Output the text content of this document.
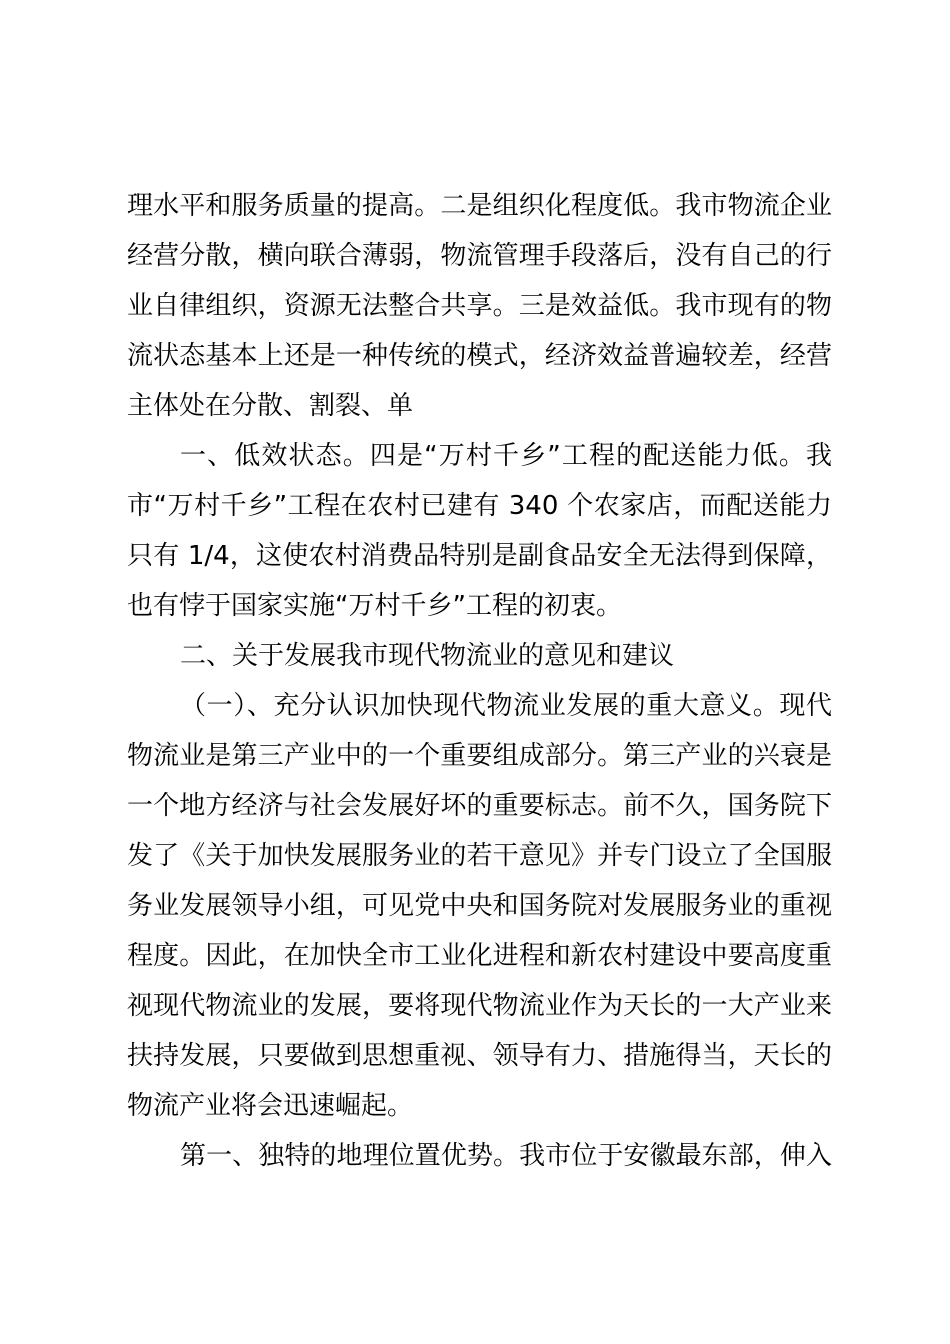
理水平和服务质量的提高。二是组织化程度低。我市物流企业
经营分散，横向联合薄弱，物流管理手段落后，没有自己的行
业自律组织，资源无法整合共享。三是效益低。我市现有的物
流状态基本上还是一种传统的模式，经济效益普遍较差，经营
主体处在分散、割裂、单
一、低效状态。四是“万村千乡”工程的配送能力低。我
市“万村千乡”工程在农村已建有 340 个农家店，而配送能力
只有 1/4，这使农村消费品特别是副食品安全无法得到保障，
也有悖于国家实施“万村千乡”工程的初衷。
二、关于发展我市现代物流业的意见和建议
（一）、充分认识加快现代物流业发展的重大意义。现代
物流业是第三产业中的一个重要组成部分。第三产业的兴衰是
一个地方经济与社会发展好坏的重要标志。前不久，国务院下
发了《关于加快发展服务业的若干意见》并专门设立了全国服
务业发展领导小组，可见党中央和国务院对发展服务业的重视
程度。因此，在加快全市工业化进程和新农村建设中要高度重
视现代物流业的发展，要将现代物流业作为天长的一大产业来
扶持发展，只要做到思想重视、领导有力、措施得当，天长的
物流产业将会迅速崛起。
第一、独特的地理位置优势。我市位于安徽最东部，伸入
